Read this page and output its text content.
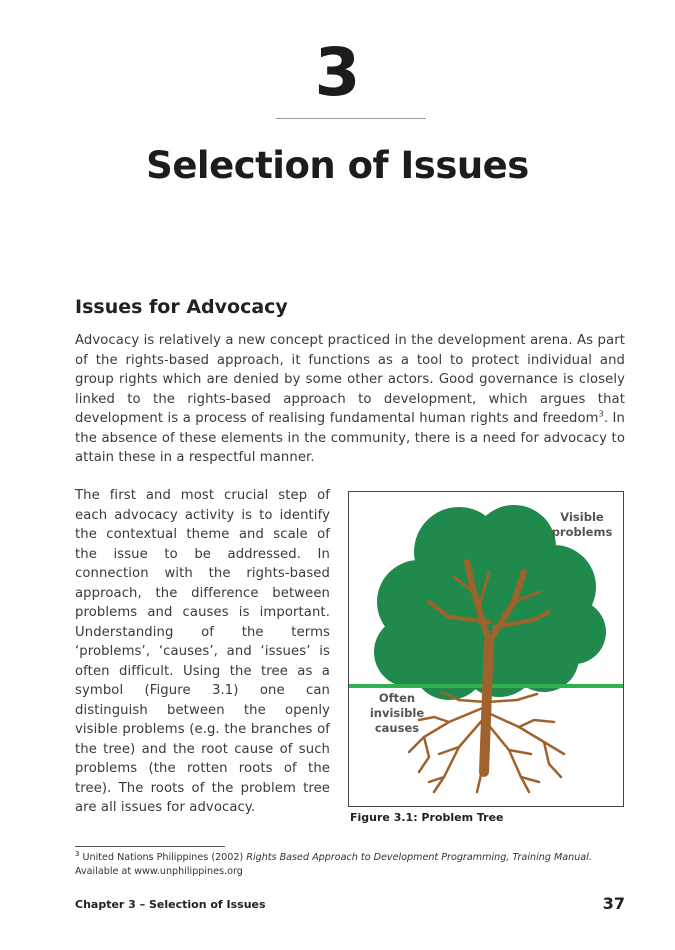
3
Selection of Issues
Issues for Advocacy

Advocacy is relatively a new concept practiced in the development arena. As part of the rights-based approach, it functions as a tool to protect individual and group rights which are denied by some other actors. Good governance is closely linked to the rights-based approach to development, which argues that development is a process of realising fundamental human rights and freedom$^3$. In the absence of these elements in the community, there is a need for advocacy to attain these in a respectful manner.

The first and most crucial step of each advocacy activity is to identify the contextual theme and scale of the issue to be addressed. In connection with the rights-based approach, the difference between problems and causes is important. Understanding of the terms ‘problems’, ‘causes’, and ‘issues’ is often difficult. Using the tree as a symbol (Figure 3.1) one can distinguish between the openly visible problems (e.g. the branches of the tree) and the root cause of such problems (the rotten roots of the tree). The roots of the problem tree are all issues for advocacy.

Visible problems
Often invisible causes
Figure 3.1: Problem Tree
$^3$ United Nations Philippines (2002) Rights Based Approach to Development Programming, Training Manual. Available at www.unphilippines.org
Chapter 3 – Selection of Issues	37
